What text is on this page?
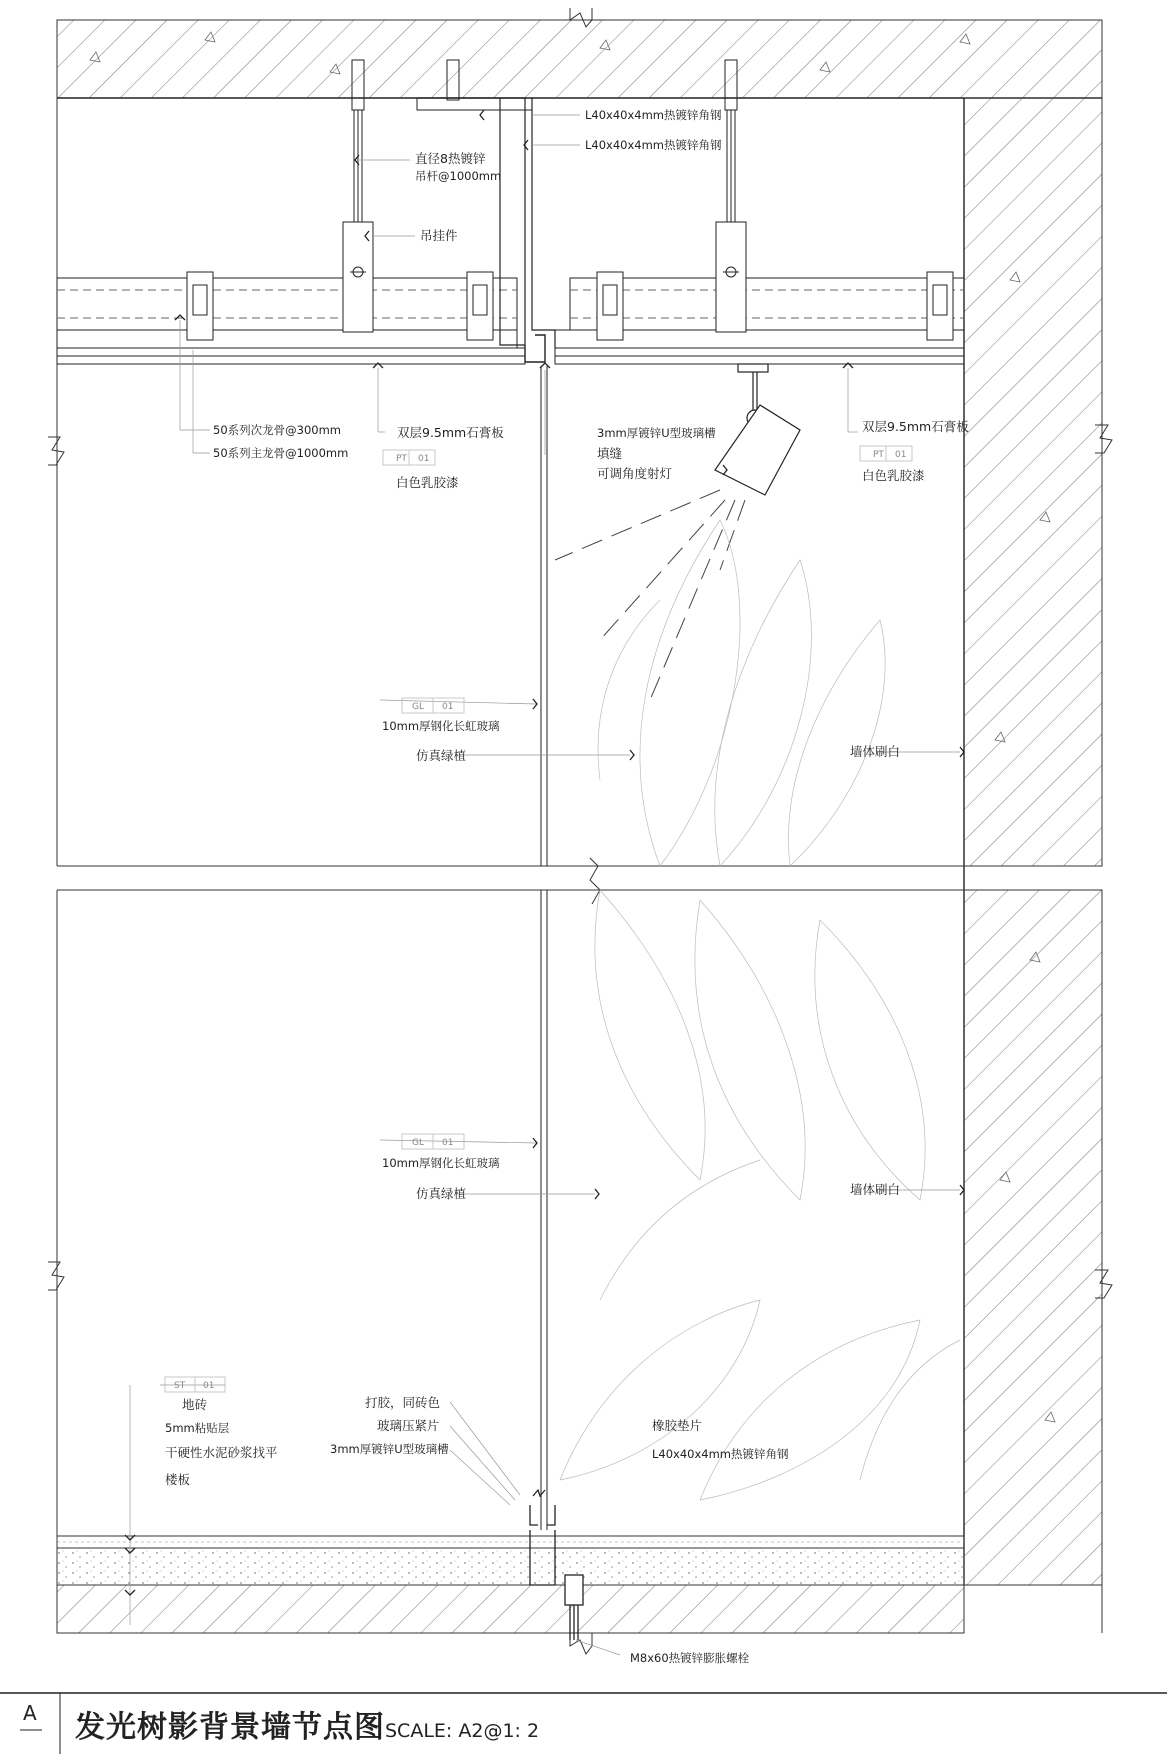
PT 01	PT 01
GL 01
GL 01
ST 01
L40x40x4mm热镀锌角钢
L40x40x4mm热镀锌角钢
直径8热镀锌
吊杆@1000mm
吊挂件
50系列次龙骨@300mm
50系列主龙骨@1000mm
双层9.5mm石膏板
白色乳胶漆
3mm厚镀锌U型玻璃槽
填缝
可调角度射灯
双层9.5mm石膏板
白色乳胶漆
10mm厚钢化长虹玻璃
仿真绿植	墙体刷白
10mm厚钢化长虹玻璃
仿真绿植	墙体刷白
地砖
5mm粘贴层
干硬性水泥砂浆找平
楼板
打胶，同砖色
玻璃压紧片
3mm厚镀锌U型玻璃槽
橡胶垫片
L40x40x4mm热镀锌角钢
M8x60热镀锌膨胀螺栓
A 发光树影背景墙节点图 SCALE: A2@1: 2
